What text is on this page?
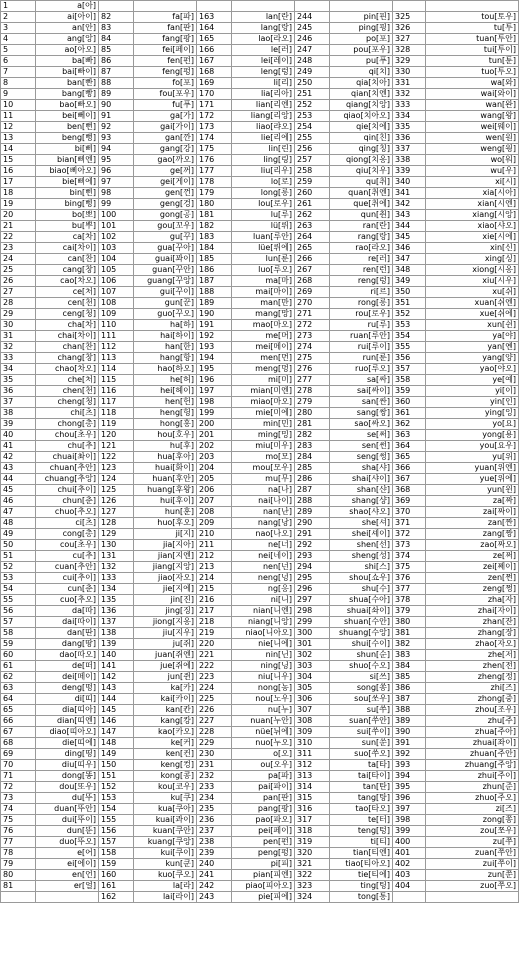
1	a[아]								
2	ai[아이]	82	fa[파]	163	lan[란]	244	pin[핀]	325	tou[토우]
3	an[안]	83	fan[판]	164	lang[랑]	245	ping[핑]	326	tu[투]
4	ang[앙]	84	fang[팡]	165	lao[라오]	246	po[포]	327	tuan[투안]
5	ao[아오]	85	fei[페이]	166	le[러]	247	pou[포우]	328	tui[투이]
6	ba[빠]	86	fen[펀]	167	lei[레이]	248	pu[푸]	329	tun[툰]
7	bai[빠이]	87	feng[펑]	168	leng[렁]	249	qi[치]	330	tuo[투오]
8	ban[빤]	88	fo[포]	169	li[리]	250	qia[치아]	331	wa[와]
9	bang[빵]	89	fou[포우]	170	lia[리아]	251	qian[치엔]	332	wai[와이]
10	bao[빠오]	90	fu[푸]	171	lian[리엔]	252	qiang[치앙]	333	wan[완]
11	bei[뻬이]	91	ga[가]	172	liang[리앙]	253	qiao[치아오]	334	wang[왕]
12	ben[뻔]	92	gai[가이]	173	liao[랴오]	254	qie[치에]	335	wei[웨이]
13	beng[뻥]	93	gan[깐]	174	lie[리에]	255	qin[친]	336	wen[원]
14	bi[삐]	94	gang[강]	175	lin[린]	256	qing[칭]	337	weng[웡]
15	bian[삐엔]	95	gao[까오]	176	ling[링]	257	qiong[치옹]	338	wo[워]
16	biao[삐아오]	96	ge[꺼]	177	liu[리우]	258	qiu[치우]	339	wu[우]
17	bie[삐에]	97	gei[게이]	178	lo[로]	259	qu[취]	340	xi[시]
18	bin[삔]	98	gen[껀]	179	long[롱]	260	quan[취엔]	341	xia[시아]
19	bing[삥]	99	geng[겅]	180	lou[로우]	261	que[취에]	342	xian[시엔]
20	bo[뽀]	100	gong[공]	181	lu[루]	262	qun[췬]	343	xiang[시앙]
21	bu[뿌]	101	gou[꼬우]	182	lü[뤼]	263	ran[란]	344	xiao[샤오]
22	ca[차]	102	gu[꾸]	183	luan[루안]	264	rang[랑]	345	xie[시에]
23	cai[차이]	103	gua[꾸아]	184	lüe[뤼에]	265	rao[라오]	346	xin[신]
24	can[찬]	104	guai[꽈이]	185	lun[룬]	266	re[러]	347	xing[싱]
25	cang[창]	105	guan[꾸안]	186	luo[루오]	267	ren[런]	348	xiong[시옹]
26	cao[차오]	106	guang[꾸앙]	187	ma[마]	268	reng[렁]	349	xiu[시우]
27	ce[처]	107	gui[꾸이]	188	mai[마이]	269	ri[르]	350	xu[쉬]
28	cen[천]	108	gun[꾼]	189	man[만]	270	rong[롱]	351	xuan[쉬엔]
29	ceng[청]	109	guo[꾸오]	190	mang[망]	271	rou[로우]	352	xue[쉬에]
30	cha[차]	110	ha[하]	191	mao[마오]	272	ru[루]	353	xun[쉰]
31	chai[차이]	111	hai[하이]	192	me[머]	273	ruan[루안]	354	ya[야]
32	chan[찬]	112	han[한]	193	mei[메이]	274	rui[루이]	355	yan[옌]
33	chang[창]	113	hang[항]	194	men[먼]	275	run[룬]	356	yang[양]
34	chao[차오]	114	hao[하오]	195	meng[멍]	276	ruo[루오]	357	yao[야오]
35	che[처]	115	he[허]	196	mi[미]	277	sa[싸]	358	ye[예]
36	chen[천]	116	hei[헤이]	197	mian[미엔]	278	sai[싸이]	359	yi[이]
37	cheng[청]	117	hen[헌]	198	miao[마오]	279	san[싼]	360	yin[인]
38	chi[츠]	118	heng[헝]	199	mie[미에]	280	sang[쌍]	361	ying[잉]
39	chong[총]	119	hong[홍]	200	min[민]	281	sao[싸오]	362	yo[요]
40	chou[초우]	120	hou[호우]	201	ming[밍]	282	se[써]	363	yong[용]
41	chu[추]	121	hu[후]	202	miu[미우]	283	sen[썬]	364	you[요우]
42	chuai[촤이]	122	hua[후아]	203	mo[모]	284	seng[썽]	365	yu[위]
43	chuan[추안]	123	huai[화이]	204	mou[모우]	285	sha[샤]	366	yuan[위엔]
44	chuang[추앙]	124	huan[후안]	205	mu[무]	286	shai[샤이]	367	yue[위에]
45	chui[추이]	125	huang[후왕]	206	na[나]	287	shan[샨]	368	yun[윈]
46	chun[춘]	126	hui[후이]	207	nai[나이]	288	shang[샹]	369	za[짜]
47	chuo[추오]	127	hun[훈]	208	nan[난]	289	shao[샤오]	370	zai[짜이]
48	ci[츠]	128	huo[후오]	209	nang[낭]	290	she[셔]	371	zan[짠]
49	cong[총]	129	ji[지]	210	nao[나오]	291	shei[셰이]	372	zang[짱]
50	cou[초우]	130	jia[지아]	211	ne[너]	292	shen[선]	373	zao[짜오]
51	cu[추]	131	jian[지엔]	212	nei[네이]	293	sheng[성]	374	ze[쩌]
52	cuan[추안]	132	jiang[지앙]	213	nen[넌]	294	shi[스]	375	zei[쩨이]
53	cui[추이]	133	jiao[자오]	214	neng[넝]	295	shou[쇼우]	376	zen[쩐]
54	cun[춘]	134	jie[지에]	215	ng[응]	296	shu[수]	377	zeng[쩡]
55	cuo[추오]	135	jin[진]	216	ni[니]	297	shua[수아]	378	zha[자]
56	da[따]	136	jing[징]	217	nian[니엔]	298	shuai[솨이]	379	zhai[자이]
57	dai[따이]	137	jiong[지옹]	218	niang[니앙]	299	shuan[수안]	380	zhan[잔]
58	dan[딴]	138	jiu[지우]	219	niao[니아오]	300	shuang[수앙]	381	zhang[장]
59	dang[땅]	139	ju[쥐]	220	nie[니에]	301	shui[수이]	382	zhao[자오]
60	dao[따오]	140	juan[쥐엔]	221	nin[닌]	302	shun[순]	383	zhe[저]
61	de[떠]	141	jue[쥐에]	222	ning[닝]	303	shuo[수오]	384	zhen[전]
62	dei[떼이]	142	jun[쥔]	223	niu[니우]	304	si[쓰]	385	zheng[정]
63	deng[떵]	143	ka[카]	224	nong[농]	305	song[쏭]	386	zhi[즈]
64	di[띠]	144	kai[카이]	225	nou[노우]	306	sou[쏘우]	387	zhong[중]
65	dia[띠아]	145	kan[칸]	226	nu[누]	307	su[쑤]	388	zhou[조우]
66	dian[띠엔]	146	kang[캉]	227	nuan[누안]	308	suan[쑤안]	389	zhu[주]
67	diao[띠아오]	147	kao[카오]	228	nüe[뉘에]	309	sui[쑤이]	390	zhua[주아]
68	die[띠에]	148	ke[커]	229	nuo[누오]	310	sun[쑨]	391	zhuai[좌이]
69	ding[띵]	149	ken[컨]	230	o[오]	311	suo[쑤오]	392	zhuan[주안]
70	diu[띠우]	150	keng[컹]	231	ou[오우]	312	ta[타]	393	zhuang[주앙]
71	dong[똥]	151	kong[콩]	232	pa[파]	313	tai[타이]	394	zhui[주이]
72	dou[또우]	152	kou[코우]	233	pai[파이]	314	tan[탄]	395	zhun[준]
73	du[뚜]	153	ku[쿠]	234	pan[판]	315	tang[탕]	396	zhuo[주오]
74	duan[뚜안]	154	kua[쿠아]	235	pang[팡]	316	tao[타오]	397	zi[즈]
75	dui[뚜이]	155	kuai[콰이]	236	pao[파오]	317	te[터]	398	zong[쫑]
76	dun[뚠]	156	kuan[쿠안]	237	pei[페이]	318	teng[텅]	399	zou[쪼우]
77	duo[뚜오]	157	kuang[쿠앙]	238	pen[펀]	319	ti[티]	400	zu[쭈]
78	e[어]	158	kui[쿠이]	239	peng[펑]	320	tian[티엔]	401	zuan[쭈안]
79	ei[에이]	159	kun[쿤]	240	pi[피]	321	tiao[티아오]	402	zui[쭈이]
80	en[언]	160	kuo[쿠오]	241	pian[피엔]	322	tie[티에]	403	zun[쭌]
81	er[얼]	161	la[라]	242	piao[피아오]	323	ting[팅]	404	zuo[쭈오]
		162	lai[라이]	243	pie[피에]	324	tong[통]		
